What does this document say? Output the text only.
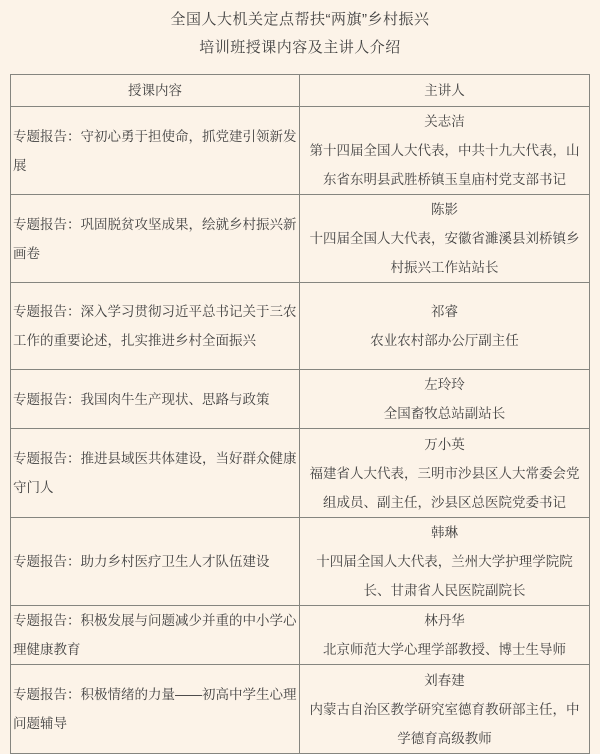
全国人大机关定点帮扶“两旗”乡村振兴
培训班授课内容及主讲人介绍
授课内容	主讲人
专题报告：守初心勇于担使命，抓党建引领新发展	关志洁
第十四届全国人大代表，中共十九大代表，山东省东明县武胜桥镇玉皇庙村党支部书记

专题报告：巩固脱贫攻坚成果，绘就乡村振兴新画卷	陈影
十四届全国人大代表，安徽省濉溪县刘桥镇乡村振兴工作站站长

专题报告：深入学习贯彻习近平总书记关于三农工作的重要论述，扎实推进乡村全面振兴	祁睿
农业农村部办公厅副主任

专题报告：我国肉牛生产现状、思路与政策	左玲玲
全国畜牧总站副站长

专题报告：推进县域医共体建设，当好群众健康守门人	万小英
福建省人大代表，三明市沙县区人大常委会党组成员、副主任，沙县区总医院党委书记

专题报告：助力乡村医疗卫生人才队伍建设	韩琳
十四届全国人大代表，兰州大学护理学院院长、甘肃省人民医院副院长

专题报告：积极发展与问题减少并重的中小学心理健康教育	林丹华
北京师范大学心理学部教授、博士生导师

专题报告：积极情绪的力量——初高中学生心理问题辅导	刘春建
内蒙古自治区教学研究室德育教研部主任，中学德育高级教师
